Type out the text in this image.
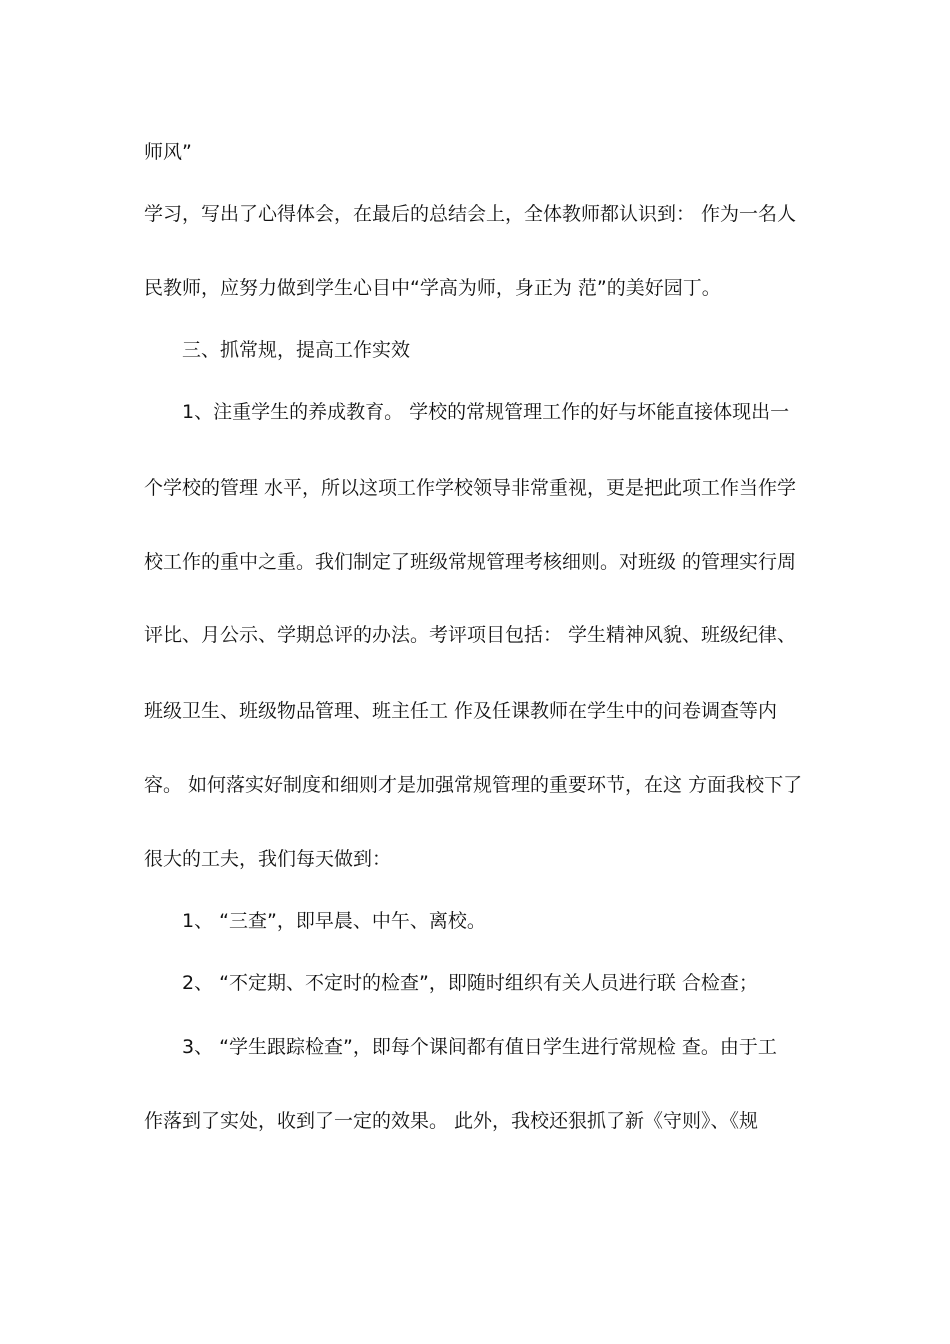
师风”
学习，写出了心得体会，在最后的总结会上，全体教师都认识到： 作为一名人
民教师，应努力做到学生心目中“学高为师，身正为 范”的美好园丁。
三、抓常规，提高工作实效
1、注重学生的养成教育。 学校的常规管理工作的好与坏能直接体现出一
个学校的管理 水平，所以这项工作学校领导非常重视，更是把此项工作当作学
校工作的重中之重。我们制定了班级常规管理考核细则。对班级 的管理实行周
评比、月公示、学期总评的办法。考评项目包括： 学生精神风貌、班级纪律、
班级卫生、班级物品管理、班主任工 作及任课教师在学生中的问卷调查等内
容。 如何落实好制度和细则才是加强常规管理的重要环节，在这 方面我校下了
很大的工夫，我们每天做到：
1、 “三查”，即早晨、中午、离校。
2、 “不定期、不定时的检查”，即随时组织有关人员进行联 合检查；
3、 “学生跟踪检查”，即每个课间都有值日学生进行常规检 查。由于工
作落到了实处，收到了一定的效果。 此外，我校还狠抓了新《守则》、《规
